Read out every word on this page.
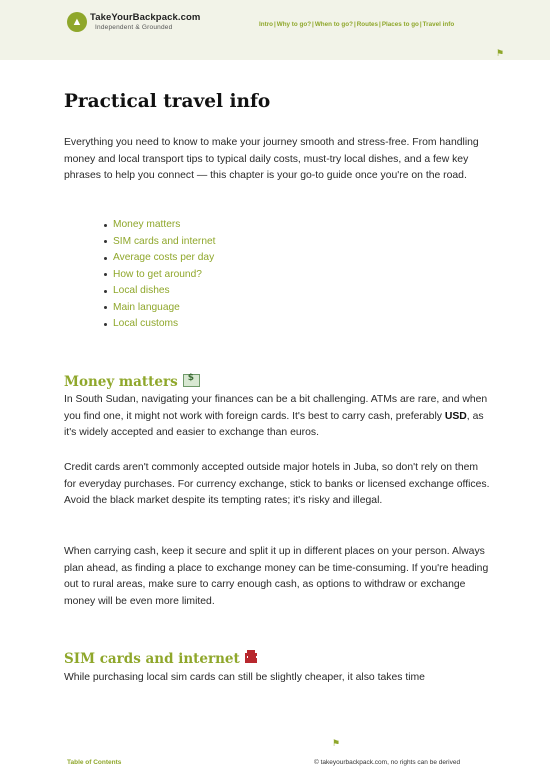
▲ TakeYourBackpack.com
Independent & Grounded	Intro | Why to go? | When to go? | Routes | Places to go | Travel info
⚑
Practical travel info

Everything you need to know to make your journey smooth and stress-free. From handling money and local transport tips to typical daily costs, must-try local dishes, and a few key phrases to help you connect — this chapter is your go-to guide once you're on the road.

Money matters
SIM cards and internet
Average costs per day
How to get around?
Local dishes
Main language
Local customs
Money matters$

In South Sudan, navigating your finances can be a bit challenging. ATMs are rare, and when you find one, it might not work with foreign cards. It's best to carry cash, preferably USD, as it's widely accepted and easier to exchange than euros.

Credit cards aren't commonly accepted outside major hotels in Juba, so don't rely on them for everyday purchases. For currency exchange, stick to banks or licensed exchange offices. Avoid the black market despite its tempting rates; it's risky and illegal.

When carrying cash, keep it secure and split it up in different places on your person. Always plan ahead, as finding a place to exchange money can be time-consuming. If you're heading out to rural areas, make sure to carry enough cash, as options to withdraw or exchange money will be even more limited.

SIM cards and internet

While purchasing local sim cards can still be slightly cheaper, it also takes time

⚑
Table of Contents	© takeyourbackpack.com, no rights can be derived
